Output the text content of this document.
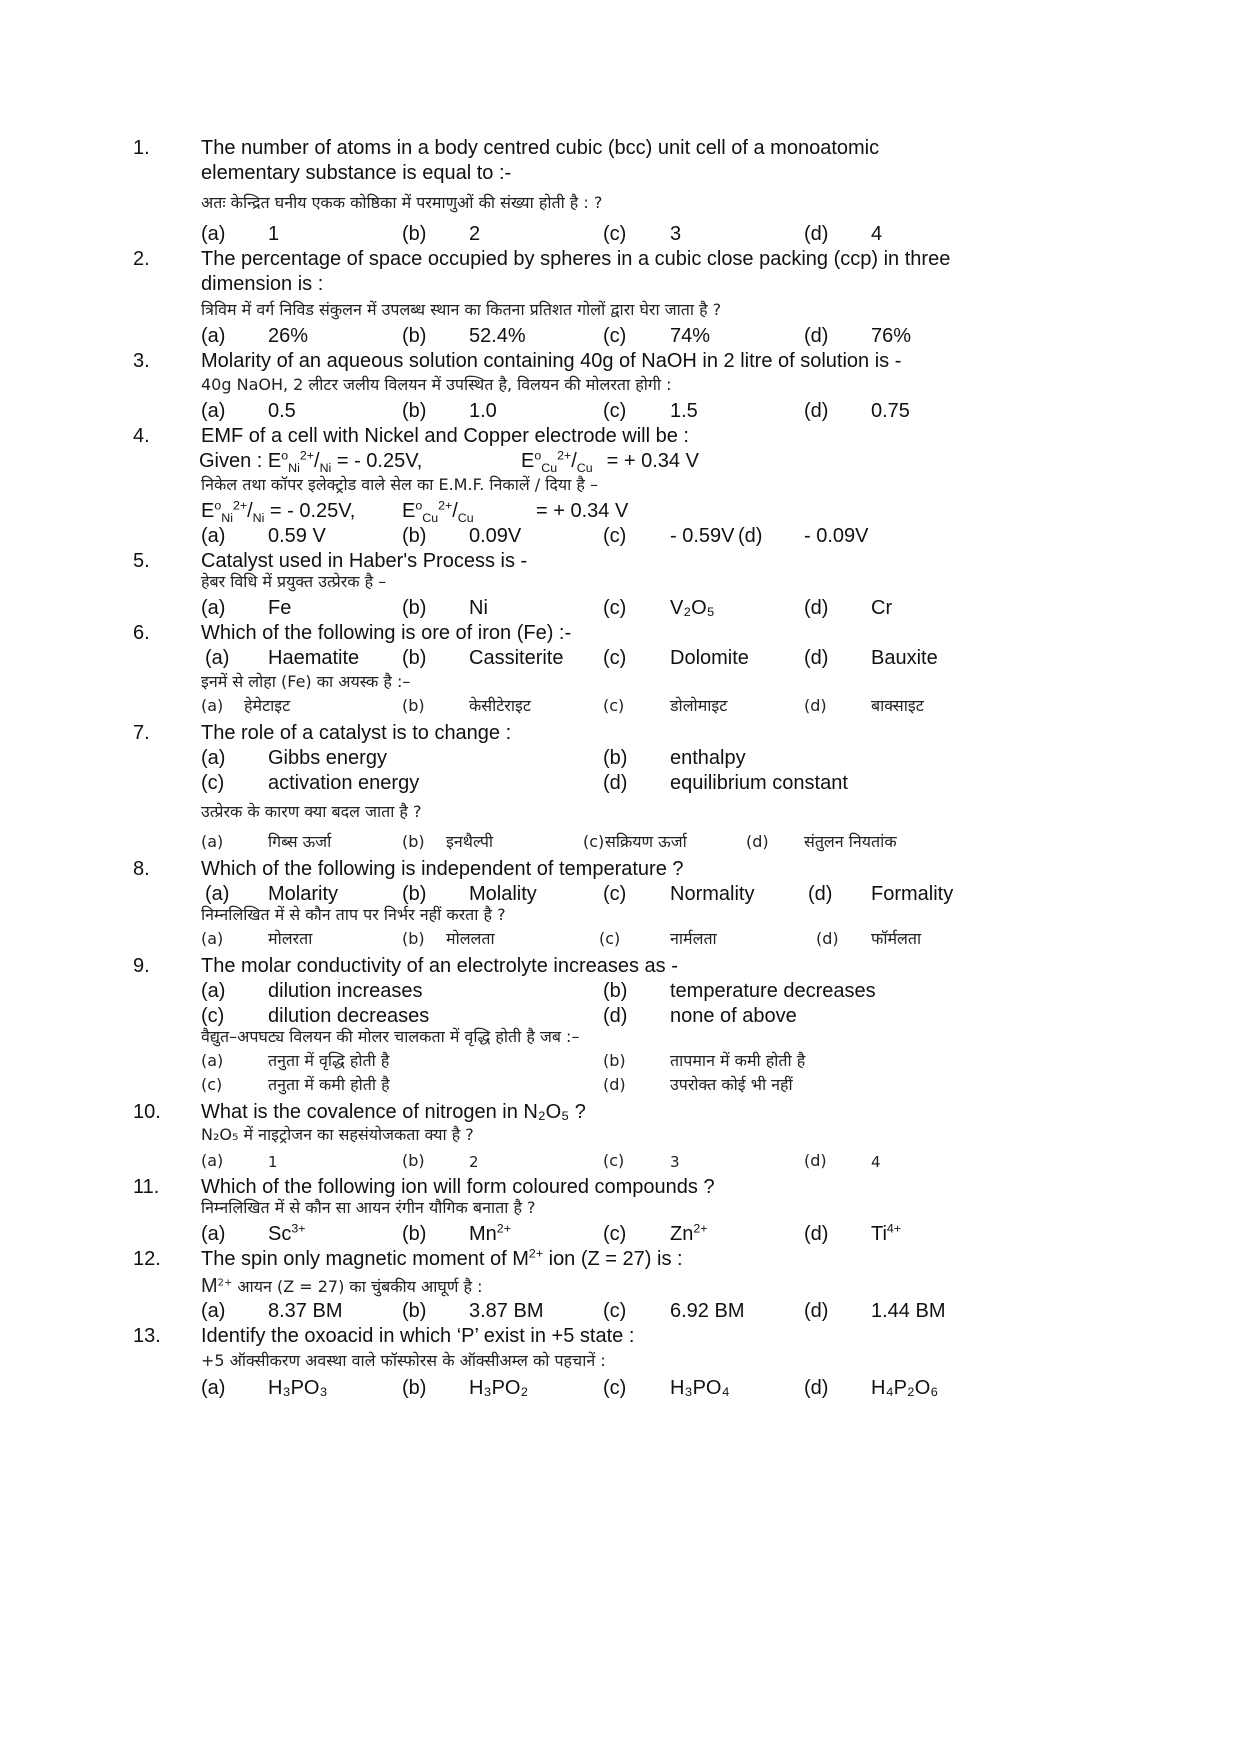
1.	The number of atoms in a body centred cubic (bcc) unit cell of a monoatomic
elementary substance is equal to :-
अतः केन्द्रित घनीय एकक कोष्ठिका में परमाणुओं की संख्या होती है : ?
(a) 1	(b) 2	(c) 3	(d) 4
2.	The percentage of space occupied by spheres in a cubic close packing (ccp) in three
dimension is :
त्रिविम में वर्ग निविड संकुलन में उपलब्ध स्थान का कितना प्रतिशत गोलों द्वारा घेरा जाता है ?
(a) 26%	(b) 52.4%	(c) 74%	(d) 76%
3.	Molarity of an aqueous solution containing 40g of NaOH in 2 litre of solution is -
40g NaOH, 2 लीटर जलीय विलयन में उपस्थित है, विलयन की मोलरता होगी :
(a) 0.5	(b) 1.0	(c) 1.5	(d) 0.75
4.	EMF of a cell with Nickel and Copper electrode will be :
Given : $E^o_{Ni}^{2+}/_{Ni}$ = - 0.25V,	$E^o_{Cu}^{2+}/_{Cu}$ = + 0.34 V
निकेल तथा कॉपर इलेक्ट्रोड वाले सेल का E.M.F. निकालें / दिया है –
$E^o_{Ni}^{2+}/_{Ni}$ = - 0.25V, $E^o_{Cu}^{2+}/_{Cu}$	= + 0.34 V
(a) 0.59 V	(b) 0.09V	(c) - 0.59V (d) - 0.09V
5.	Catalyst used in Haber's Process is -
हेबर विधि में प्रयुक्त उत्प्रेरक है –
(a) Fe	(b) Ni	(c) V₂O₅	(d) Cr
6.	Which of the following is ore of iron (Fe) :-
(a) Haematite (b) Cassiterite (c) Dolomite	(d) Bauxite
इनमें से लोहा (Fe) का अयस्क है :–
(a) हेमेटाइट	(b)	केसीटेराइट	(c)	डोलोमाइट	(d)	बाक्साइट
7.	The role of a catalyst is to change :
(a) Gibbs energy	(b) enthalpy
(c) activation energy	(d) equilibrium constant
उत्प्रेरक के कारण क्या बदल जाता है ?
(a)	गिब्स ऊर्जा	(b) इनथैल्पी	(c) सक्रियण ऊर्जा	(d) संतुलन नियतांक
8.	Which of the following is independent of temperature ?
(a) Molarity	(b) Molality	(c) Normality	(d) Formality
निम्नलिखित में से कौन ताप पर निर्भर नहीं करता है ?
(a)	मोलरता	(b) मोललता	(c)	नार्मलता	(d) फॉर्मलता
9.	The molar conductivity of an electrolyte increases as -
(a) dilution increases	(b) temperature decreases
(c) dilution decreases	(d) none of above
वैद्युत–अपघट्य विलयन की मोलर चालकता में वृद्धि होती है जब :–
(a)	तनुता में वृद्धि होती है	(b)	तापमान में कमी होती है
(c)	तनुता में कमी होती है	(d)	उपरोक्त कोई भी नहीं
10. What is the covalence of nitrogen in N₂O₅ ?
N₂O₅ में नाइट्रोजन का सहसंयोजकता क्या है ?
(a)	1	(b)	2	(c)	3	(d)	4
11. Which of the following ion will form coloured compounds ?
निम्नलिखित में से कौन सा आयन रंगीन यौगिक बनाता है ?
(a) $Sc^{3+}$	(b) $Mn^{2+}$	(c) $Zn^{2+}$	(d) $Ti^{4+}$
12. The spin only magnetic moment of $M^{2+}$ ion (Z = 27) is :
$M^{2+}$ आयन (Z = 27) का चुंबकीय आघूर्ण है :
(a) 8.37 BM	(b) 3.87 BM	(c) 6.92 BM	(d) 1.44 BM
13. Identify the oxoacid in which ‘P’ exist in +5 state :
+5 ऑक्सीकरण अवस्था वाले फॉस्फोरस के ऑक्सीअम्ल को पहचानें :
(a) H₃PO₃	(b) H₃PO₂	(c) H₃PO₄	(d) H₄P₂O₆
